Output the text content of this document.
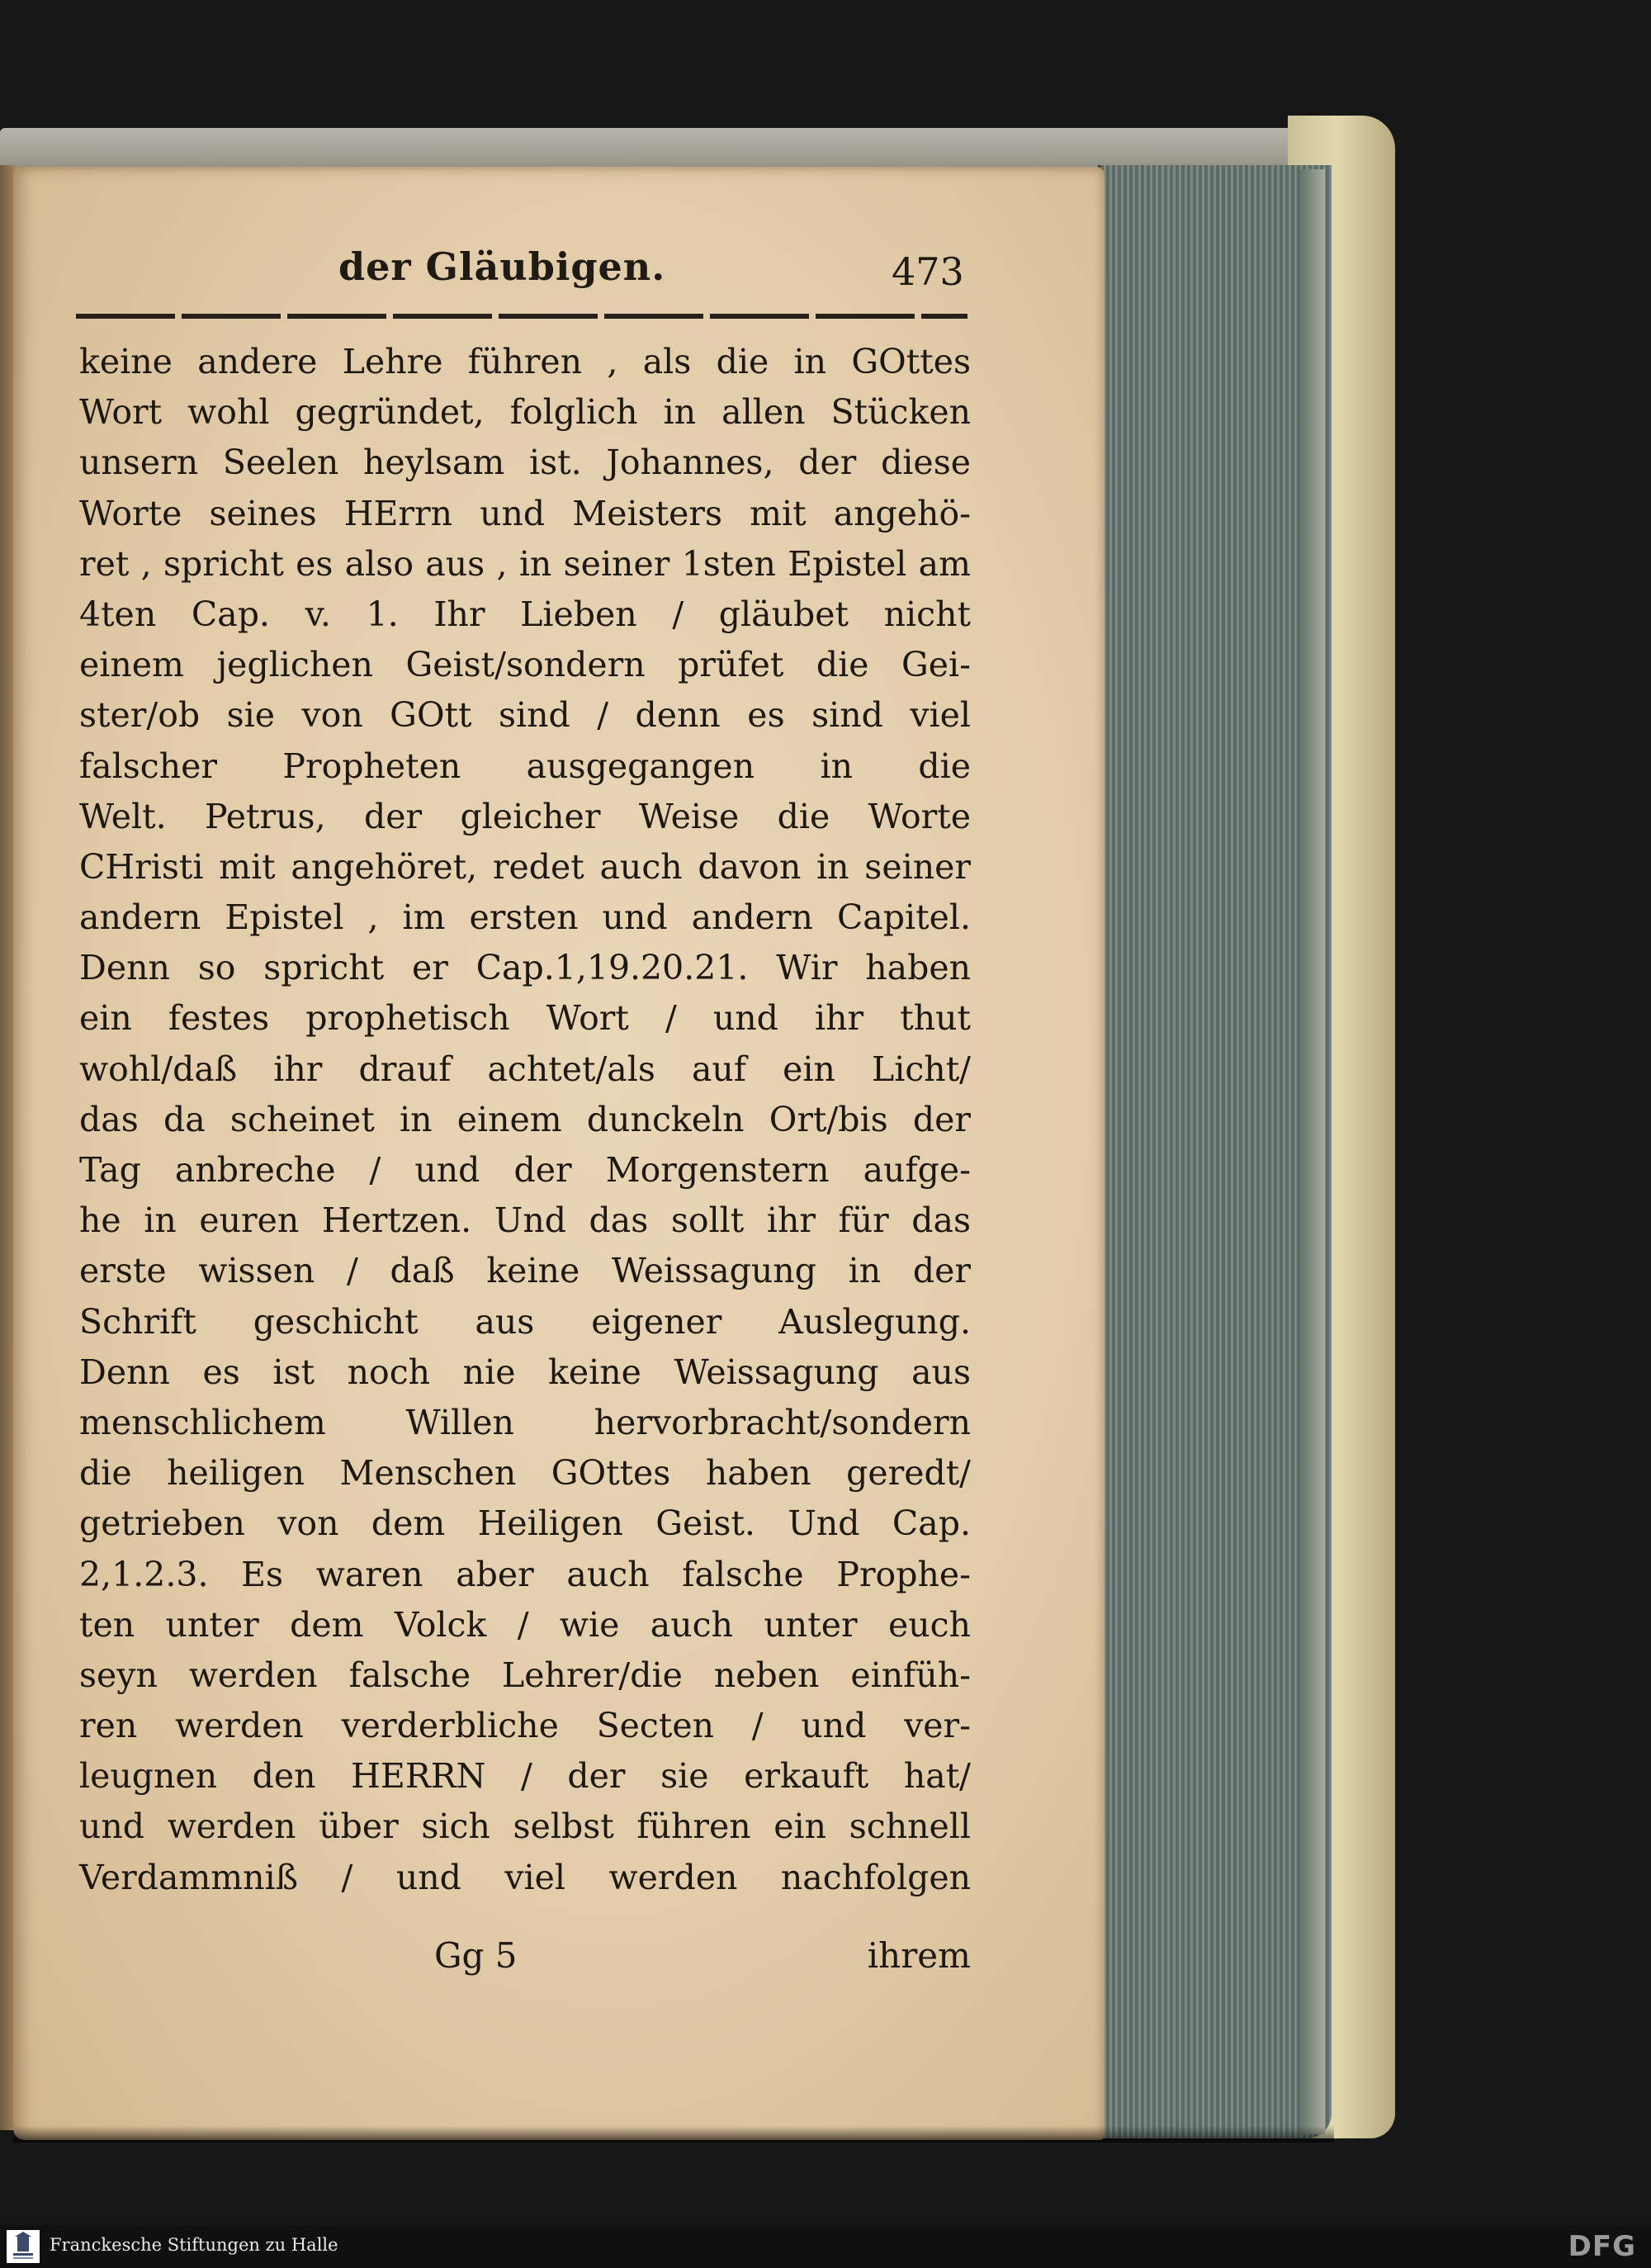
der Gläubigen.	473
keine andere Lehre führen , als die in GOttes
Wort wohl gegründet, folglich in allen Stücken
unsern Seelen heylsam ist. Johannes, der diese
Worte seines HErrn und Meisters mit angehö-
ret , spricht es also aus , in seiner 1sten Epistel am
4ten Cap. v. 1. Ihr Lieben / gläubet nicht
einem jeglichen Geist/sondern prüfet die Gei-
ster/ob sie von GOtt sind / denn es sind viel
falscher Propheten ausgegangen in die
Welt. Petrus, der gleicher Weise die Worte
CHristi mit angehöret, redet auch davon in seiner
andern Epistel , im ersten und andern Capitel.
Denn so spricht er Cap.1,19.20.21. Wir haben
ein festes prophetisch Wort / und ihr thut
wohl/daß ihr drauf achtet/als auf ein Licht/
das da scheinet in einem dunckeln Ort/bis der
Tag anbreche / und der Morgenstern aufge-
he in euren Hertzen. Und das sollt ihr für das
erste wissen / daß keine Weissagung in der
Schrift geschicht aus eigener Auslegung.
Denn es ist noch nie keine Weissagung aus
menschlichem Willen hervorbracht/sondern
die heiligen Menschen GOttes haben geredt/
getrieben von dem Heiligen Geist. Und Cap.
2,1.2.3. Es waren aber auch falsche Prophe-
ten unter dem Volck / wie auch unter euch
seyn werden falsche Lehrer/die neben einfüh-
ren werden verderbliche Secten / und ver-
leugnen den HERRN / der sie erkauft hat/
und werden über sich selbst führen ein schnell
Verdammniß / und viel werden nachfolgen
Gg 5	ihrem
Franckesche Stiftungen zu Halle	DFG
